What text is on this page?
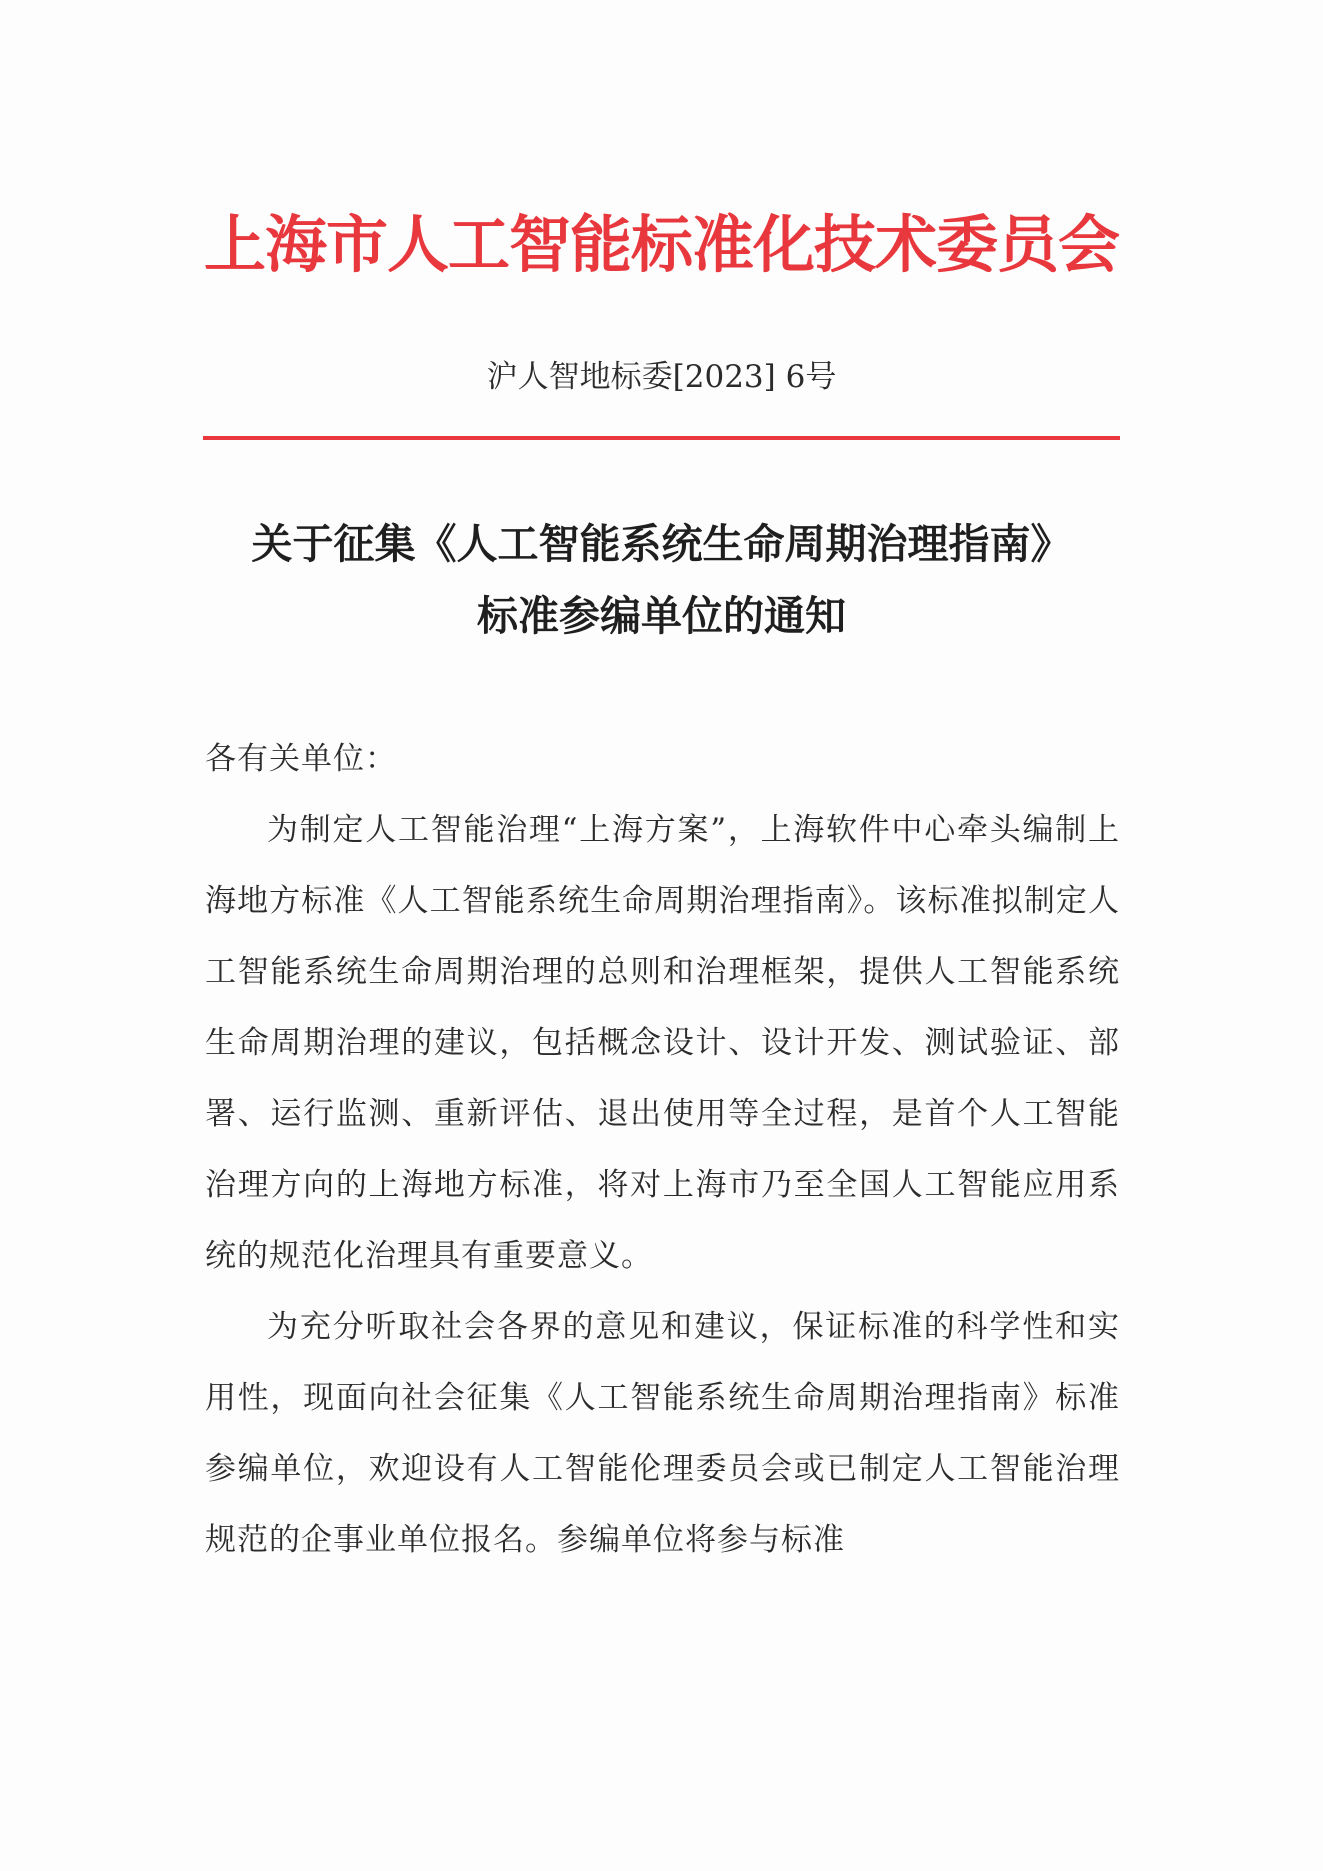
上海市人工智能标准化技术委员会
沪人智地标委[2023] 6号
关于征集《人工智能系统生命周期治理指南》
标准参编单位的通知

各有关单位：

为制定人工智能治理“上海方案”，上海软件中心牵头编制上海地方标准《人工智能系统生命周期治理指南》。该标准拟制定人工智能系统生命周期治理的总则和治理框架，提供人工智能系统生命周期治理的建议，包括概念设计、设计开发、测试验证、部署、运行监测、重新评估、退出使用等全过程，是首个人工智能治理方向的上海地方标准，将对上海市乃至全国人工智能应用系统的规范化治理具有重要意义。

为充分听取社会各界的意见和建议，保证标准的科学性和实用性，现面向社会征集《人工智能系统生命周期治理指南》标准参编单位，欢迎设有人工智能伦理委员会或已制定人工智能治理规范的企事业单位报名。参编单位将参与标准
